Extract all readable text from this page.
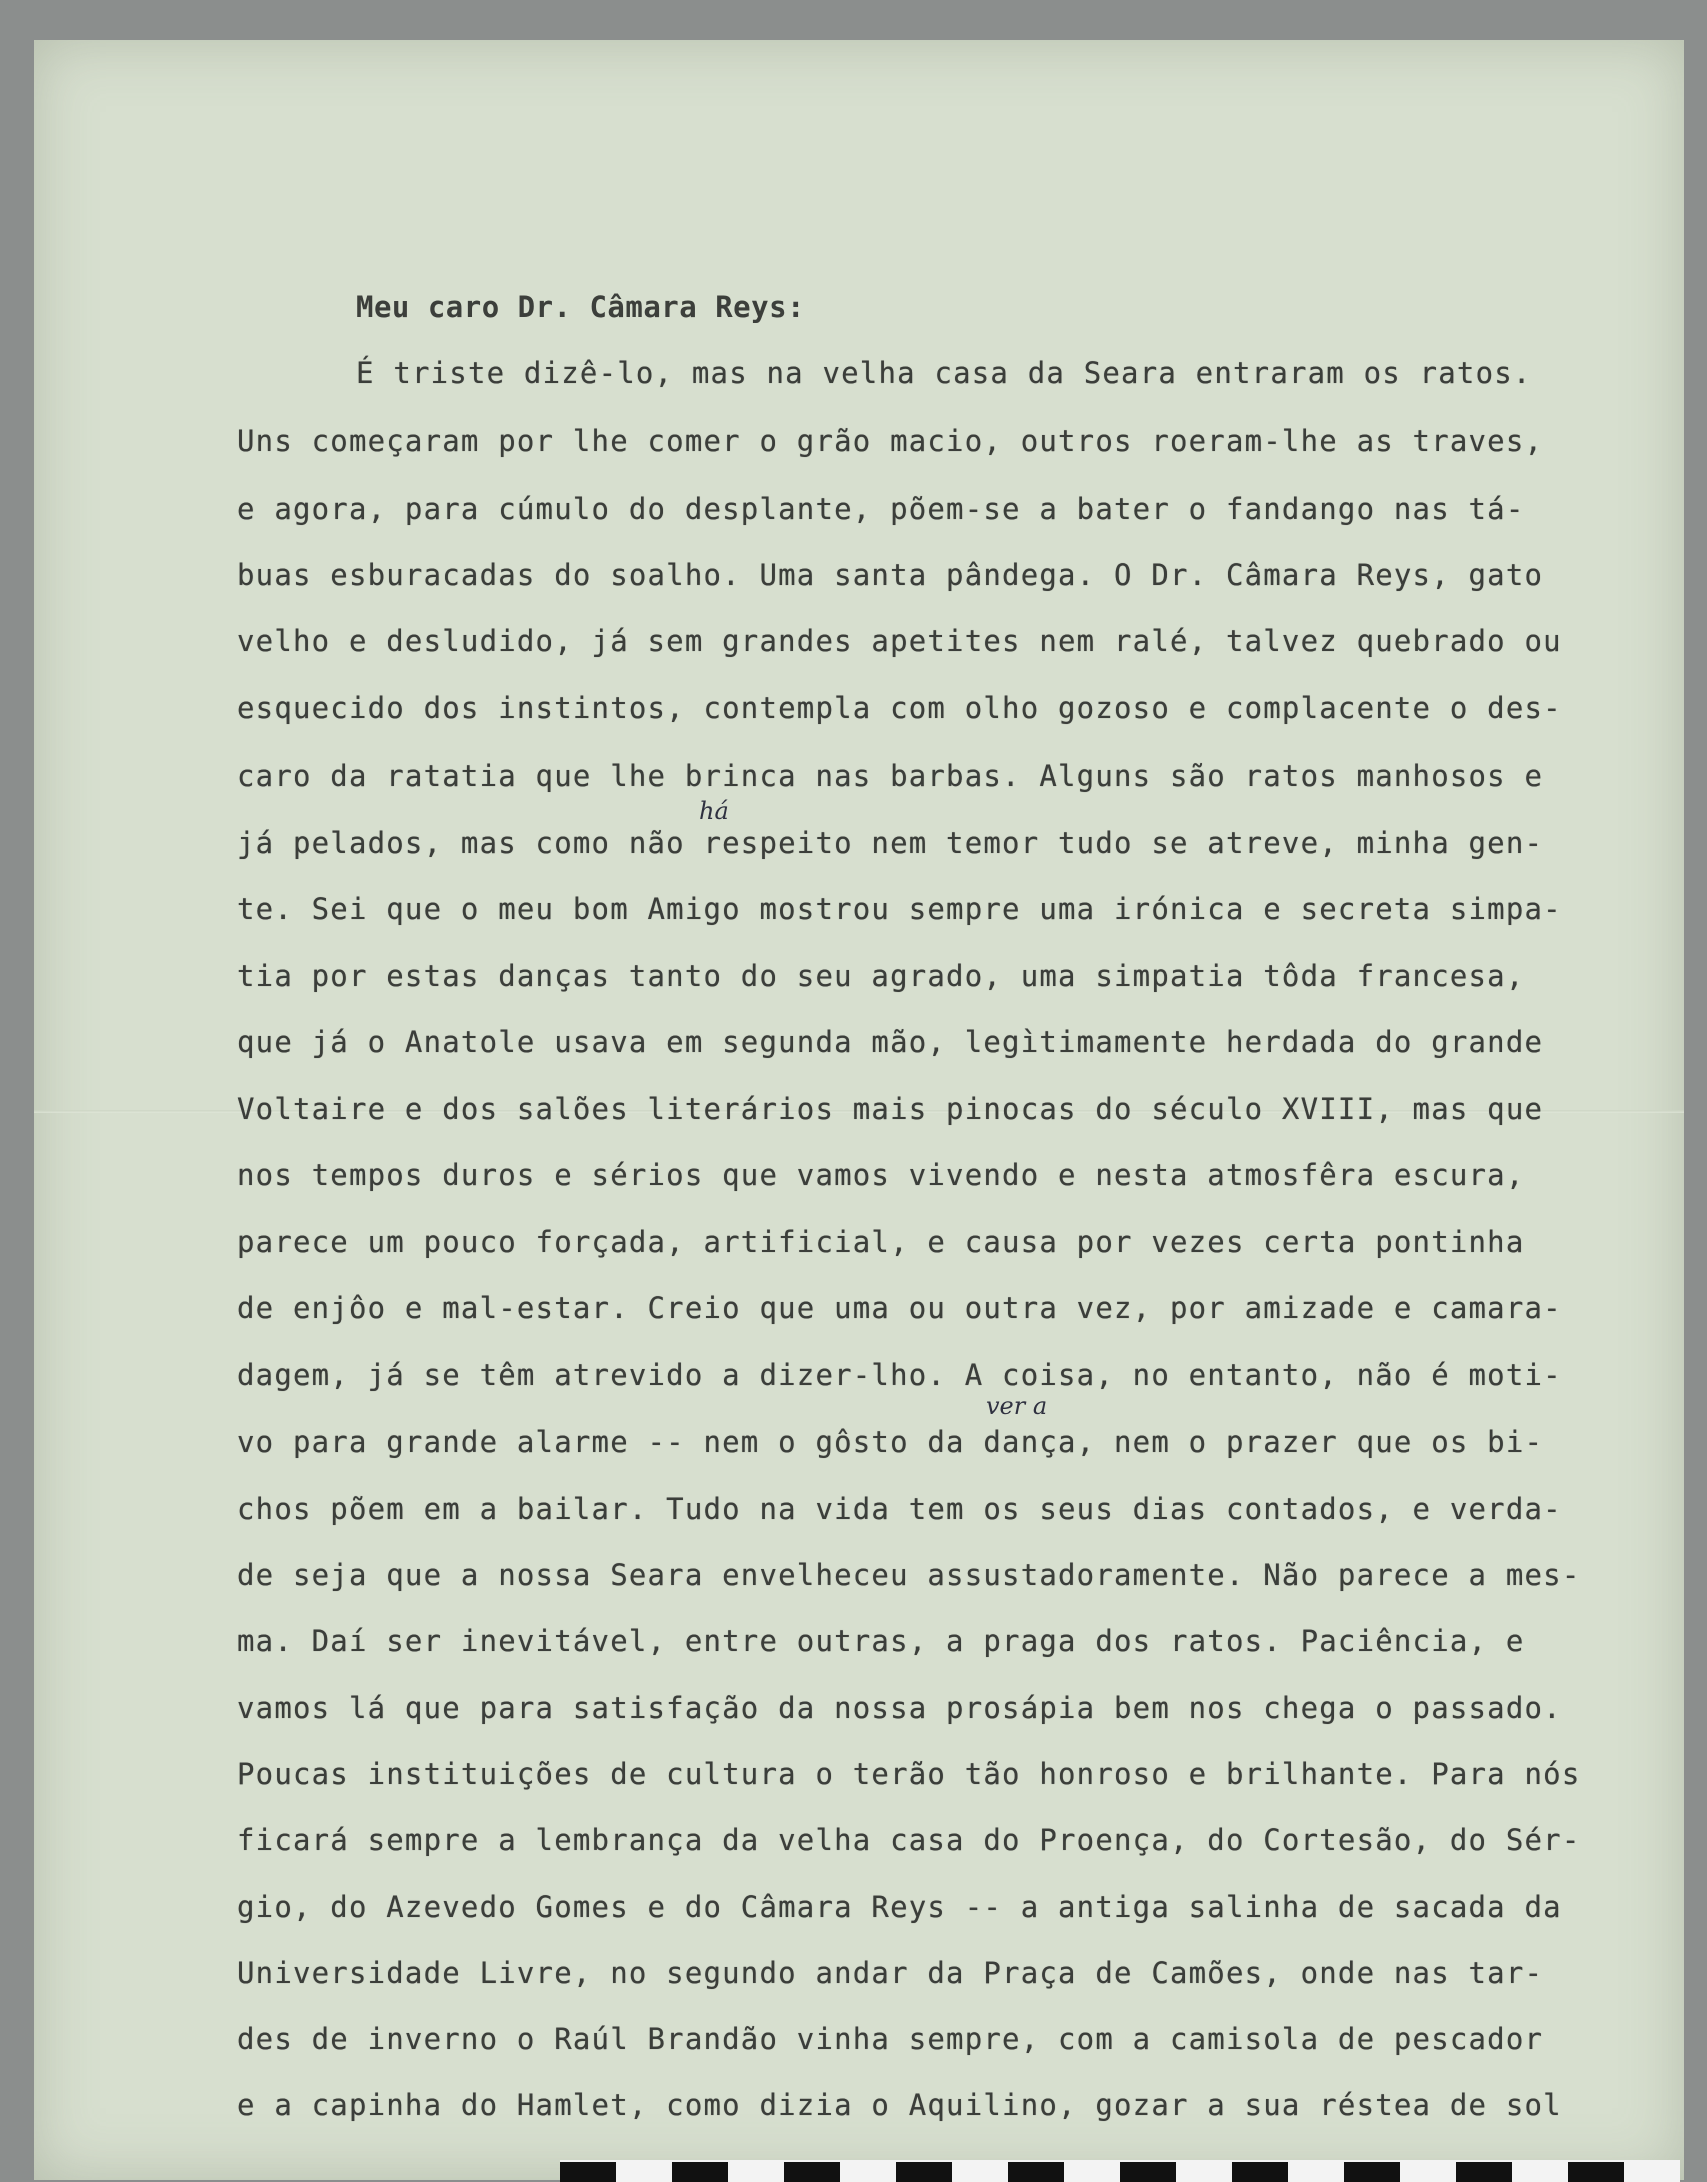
Meu caro Dr. Câmara Reys:
É triste dizê-lo, mas na velha casa da Seara entraram os ratos.
Uns começaram por lhe comer o grão macio, outros roeram-lhe as traves,
e agora, para cúmulo do desplante, põem-se a bater o fandango nas tá-
buas esburacadas do soalho. Uma santa pândega. O Dr. Câmara Reys, gato
velho e desludido, já sem grandes apetites nem ralé, talvez quebrado ou
esquecido dos instintos, contempla com olho gozoso e complacente o des-
caro da ratatia que lhe brinca nas barbas. Alguns são ratos manhosos e
há
já pelados, mas como não respeito nem temor tudo se atreve, minha gen-
te. Sei que o meu bom Amigo mostrou sempre uma irónica e secreta simpa-
tia por estas danças tanto do seu agrado, uma simpatia tôda francesa,
que já o Anatole usava em segunda mão, legìtimamente herdada do grande
Voltaire e dos salões literários mais pinocas do século XVIII, mas que
nos tempos duros e sérios que vamos vivendo e nesta atmosfêra escura,
parece um pouco forçada, artificial, e causa por vezes certa pontinha
de enjôo e mal-estar. Creio que uma ou outra vez, por amizade e camara-
dagem, já se têm atrevido a dizer-lho. A coisa, no entanto, não é moti-
ver a
vo para grande alarme -- nem o gôsto da dança, nem o prazer que os bi-
chos põem em a bailar. Tudo na vida tem os seus dias contados, e verda-
de seja que a nossa Seara envelheceu assustadoramente. Não parece a mes-
ma. Daí ser inevitável, entre outras, a praga dos ratos. Paciência, e
vamos lá que para satisfação da nossa prosápia bem nos chega o passado.
Poucas instituições de cultura o terão tão honroso e brilhante. Para nós
ficará sempre a lembrança da velha casa do Proença, do Cortesão, do Sér-
gio, do Azevedo Gomes e do Câmara Reys -- a antiga salinha de sacada da
Universidade Livre, no segundo andar da Praça de Camões, onde nas tar-
des de inverno o Raúl Brandão vinha sempre, com a camisola de pescador
e a capinha do Hamlet, como dizia o Aquilino, gozar a sua réstea de sol
